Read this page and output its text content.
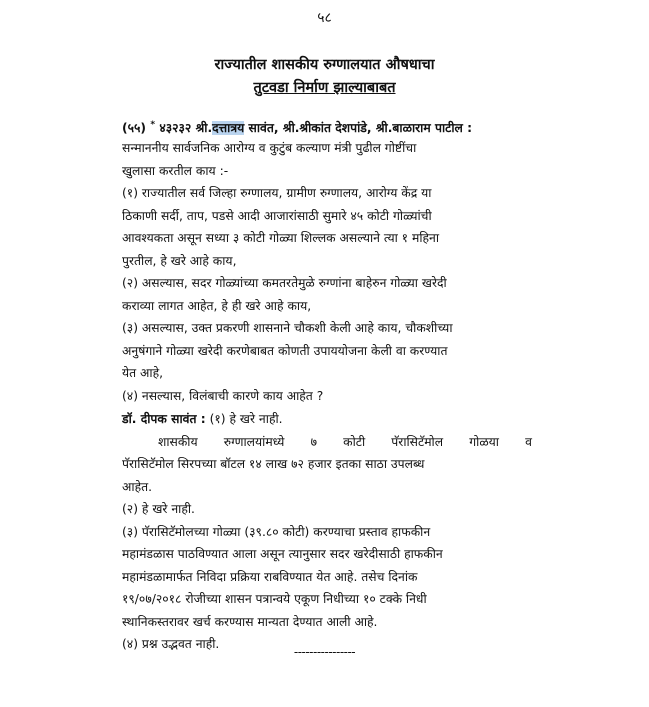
५८
राज्यातील शासकीय रुग्णालयात औषधाचा
तुटवडा निर्माण झाल्याबाबत
(५५) * ४३२३२ श्री.दत्तात्रय सावंत, श्री.श्रीकांत देशपांडे, श्री.बाळाराम पाटील :
सन्माननीय सार्वजनिक आरोग्य व कुटुंब कल्याण मंत्री पुढील गोष्टींचा
खुलासा करतील काय :-
(१) राज्यातील सर्व जिल्हा रुग्णालय, ग्रामीण रुग्णालय, आरोग्य केंद्र या
ठिकाणी सर्दी, ताप, पडसे आदी आजारांसाठी सुमारे ४५ कोटी गोळ्यांची
आवश्यकता असून सध्या ३ कोटी गोळ्या शिल्लक असल्याने त्या १ महिना
पुरतील, हे खरे आहे काय,
(२) असल्यास, सदर गोळ्यांच्या कमतरतेमुळे रुग्णांना बाहेरुन गोळ्या खरेदी
कराव्या लागत आहेत, हे ही खरे आहे काय,
(३) असल्यास, उक्त प्रकरणी शासनाने चौकशी केली आहे काय, चौकशीच्या
अनुषंगाने गोळ्या खरेदी करणेबाबत कोणती उपाययोजना केली वा करण्यात
येत आहे,
(४) नसल्यास, विलंबाची कारणे काय आहेत ?
डॉ. दीपक सावंत : (१) हे खरे नाही.
शासकीय रुग्णालयांमध्ये ७ कोटी पॅरासिटॅमोल गोळया व
पॅरासिटॅमोल सिरपच्या बॉटल १४ लाख ७२ हजार इतका साठा उपलब्ध
आहेत.
(२) हे खरे नाही.
(३) पॅरासिटॅमोलच्या गोळ्या (३९.८० कोटी) करण्याचा प्रस्ताव हाफकीन
महामंडळास पाठविण्यात आला असून त्यानुसार सदर खरेदीसाठी हाफकीन
महामंडळामार्फत निविदा प्रक्रिया राबविण्यात येत आहे. तसेच दिनांक
१९/०७/२०१८ रोजीच्या शासन पत्रान्वये एकूण निधीच्या १० टक्के निधी
स्थानिकस्तरावर खर्च करण्यास मान्यता देण्यात आली आहे.
(४) प्रश्न उद्भवत नाही.
----------------
